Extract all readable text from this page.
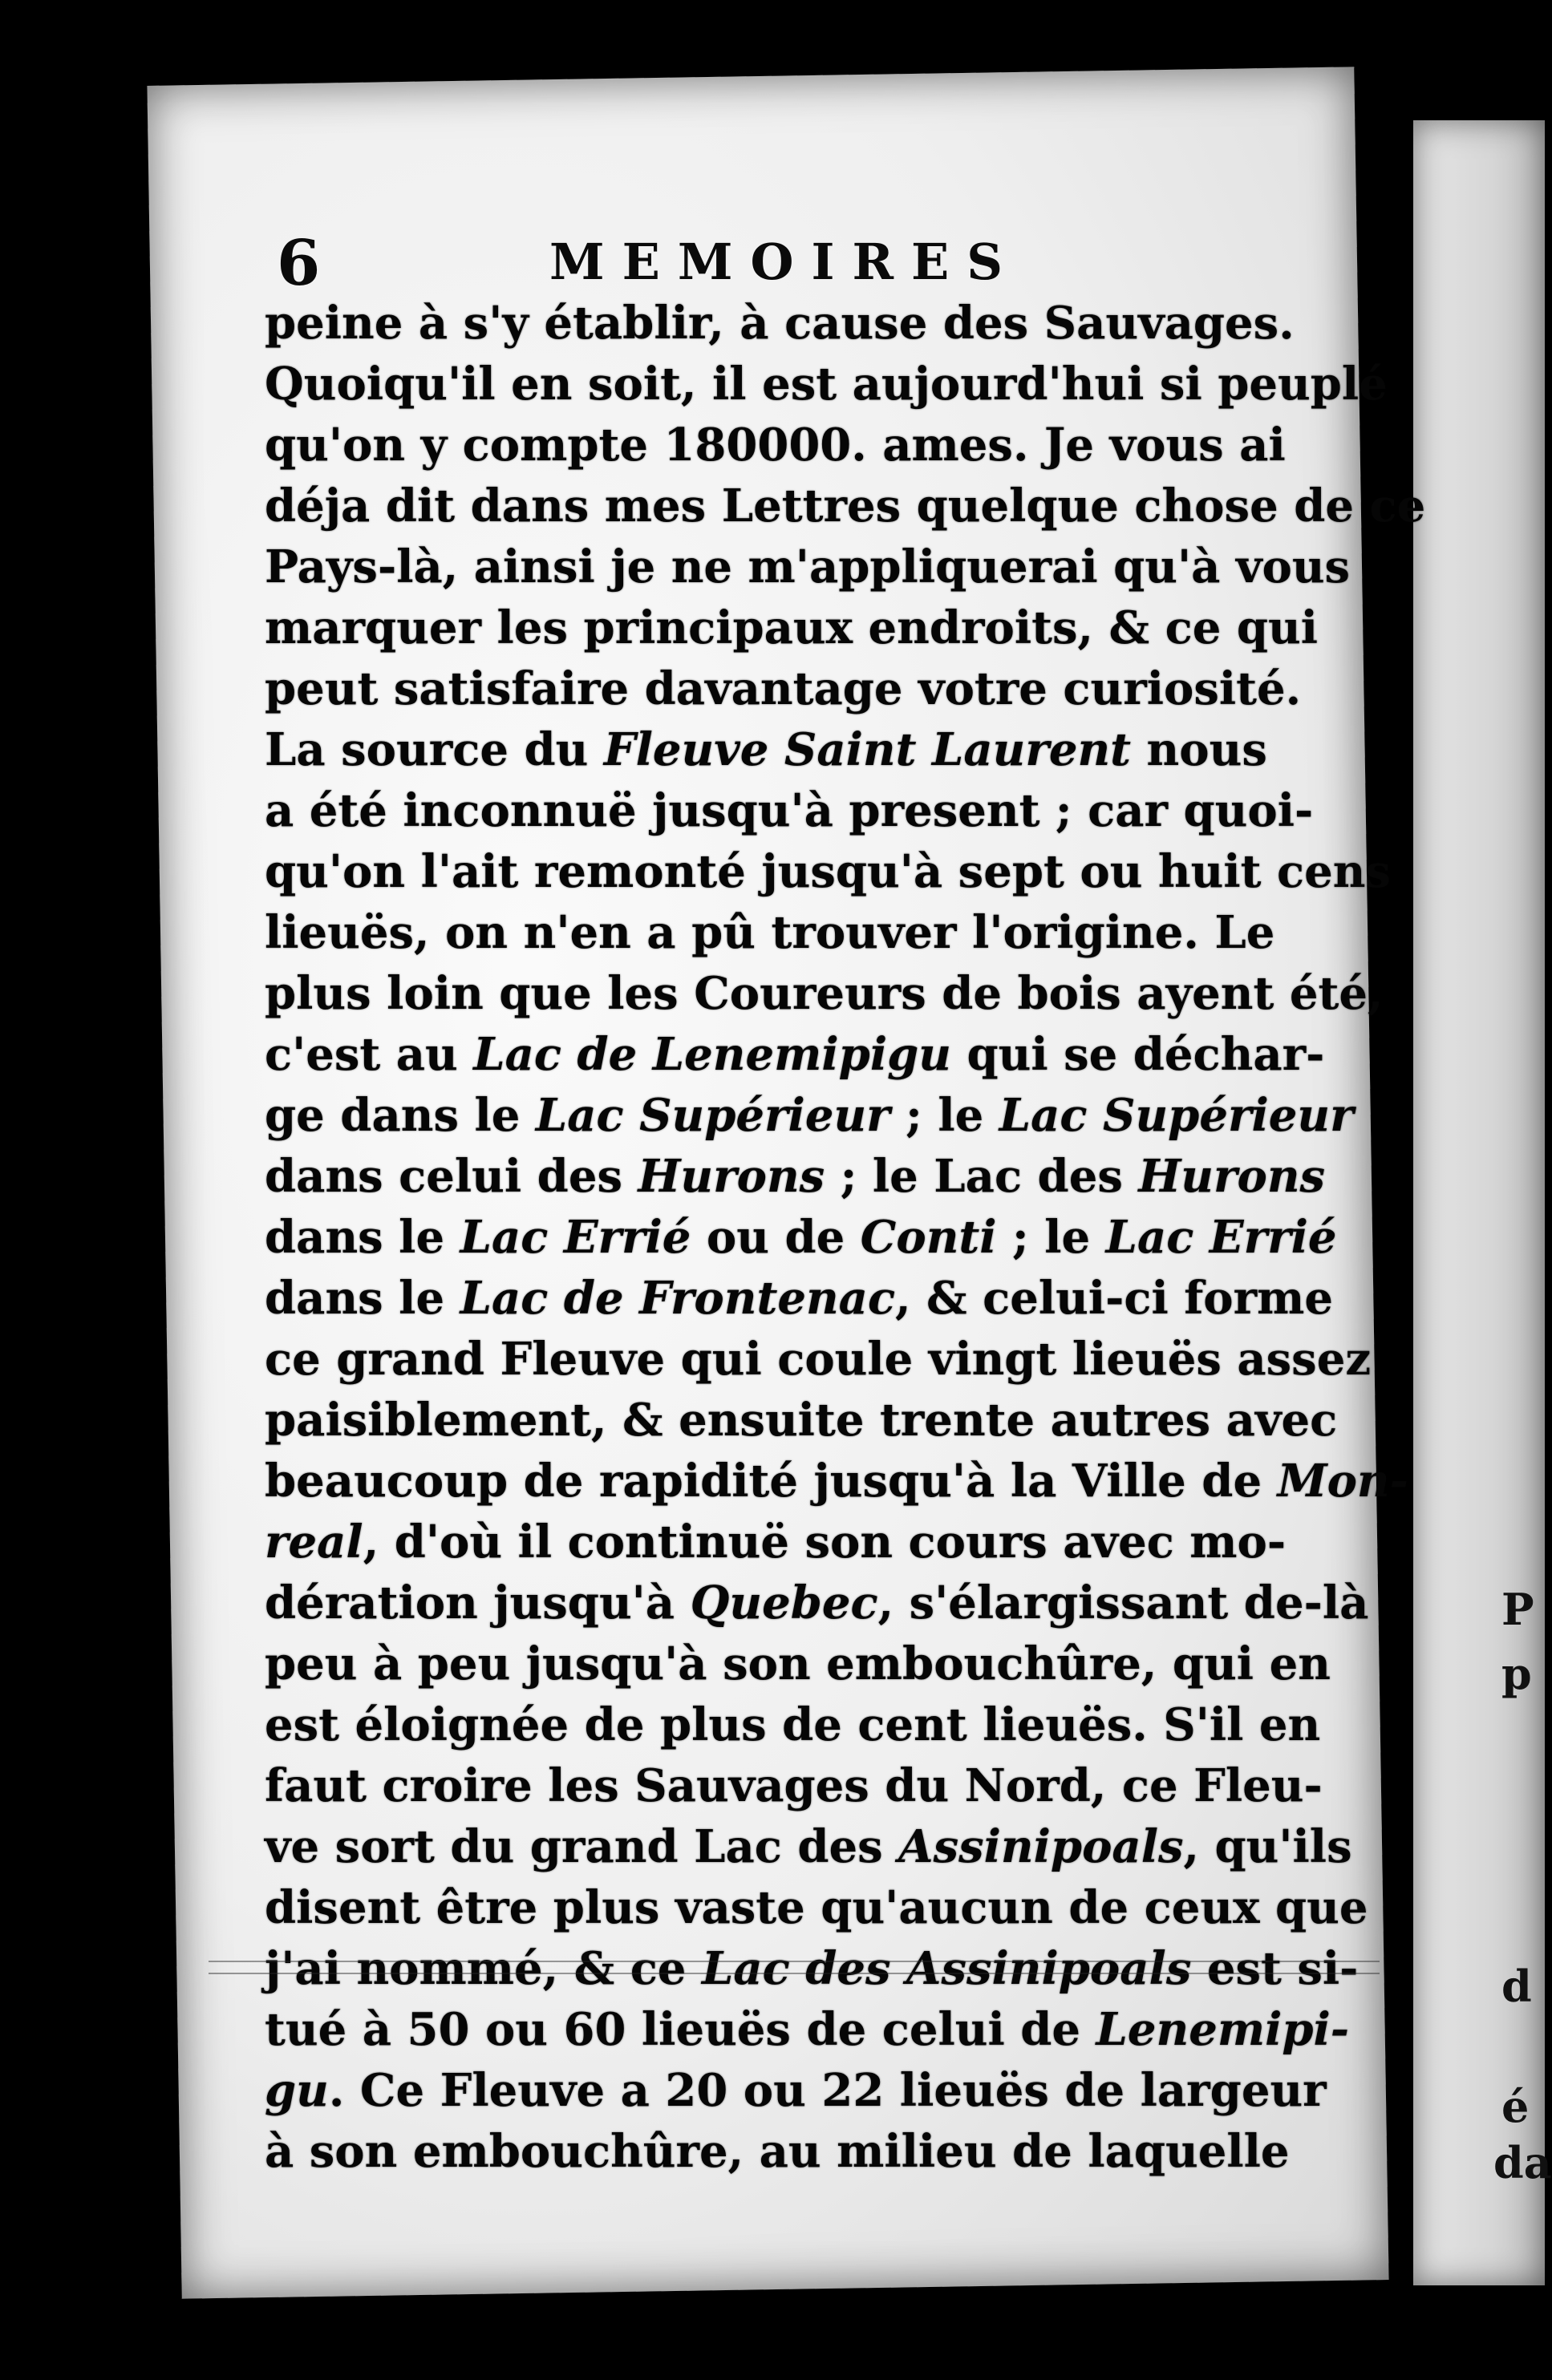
P
p
d
é
da
6	MEMOIRES
peine à s'y établir, à cause des Sauvages.
Quoiqu'il en soit, il est aujourd'hui si peuplé
qu'on y compte 180000. ames. Je vous ai
déja dit dans mes Lettres quelque chose de ce
Pays-là, ainsi je ne m'appliquerai qu'à vous
marquer les principaux endroits, & ce qui
peut satisfaire davantage votre curiosité.
La source du Fleuve Saint Laurent nous
a été inconnuë jusqu'à present ; car quoi-
qu'on l'ait remonté jusqu'à sept ou huit cens
lieuës, on n'en a pû trouver l'origine. Le
plus loin que les Coureurs de bois ayent été,
c'est au Lac de Lenemipigu qui se déchar-
ge dans le Lac Supérieur ; le Lac Supérieur
dans celui des Hurons ; le Lac des Hurons
dans le Lac Errié ou de Conti ; le Lac Errié
dans le Lac de Frontenac, & celui-ci forme
ce grand Fleuve qui coule vingt lieuës assez
paisiblement, & ensuite trente autres avec
beaucoup de rapidité jusqu'à la Ville de Mon-
real, d'où il continuë son cours avec mo-
dération jusqu'à Quebec, s'élargissant de-là
peu à peu jusqu'à son embouchûre, qui en
est éloignée de plus de cent lieuës. S'il en
faut croire les Sauvages du Nord, ce Fleu-
ve sort du grand Lac des Assinipoals, qu'ils
disent être plus vaste qu'aucun de ceux que
j'ai nommé, & ce Lac des Assinipoals est si-
tué à 50 ou 60 lieuës de celui de Lenemipi-
gu. Ce Fleuve a 20 ou 22 lieuës de largeur
à son embouchûre, au milieu de laquelle
